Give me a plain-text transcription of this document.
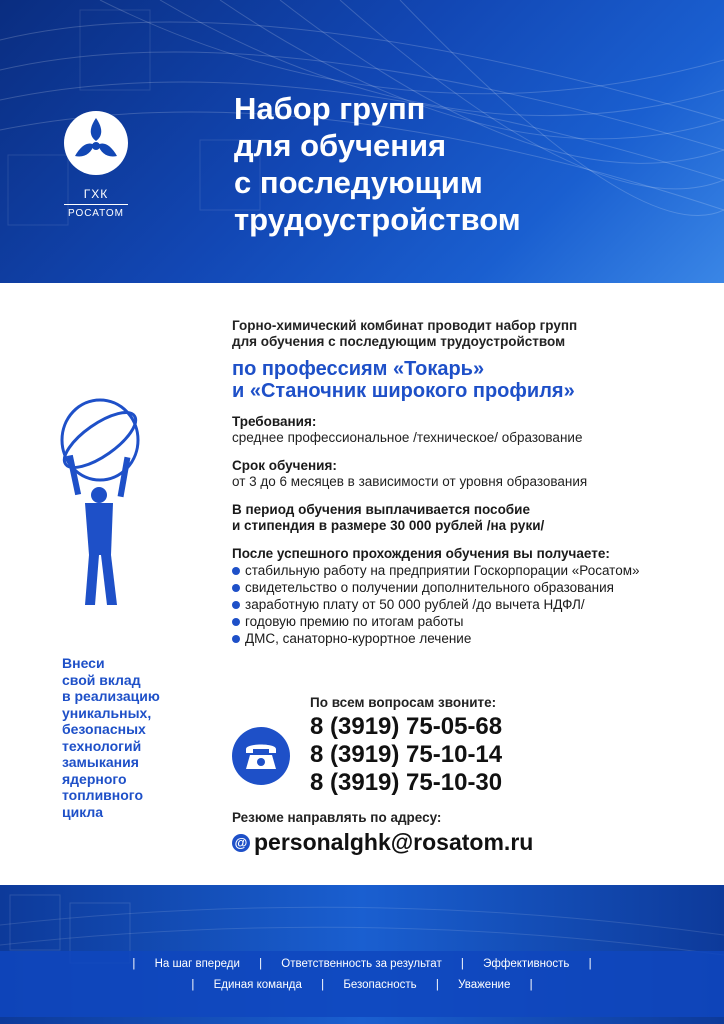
ГХК
РОСАТОМ
Набор групп
для обучения
с последующим
трудоустройством
Внеси
свой вклад
в реализацию
уникальных,
безопасных
технологий
замыкания
ядерного
топливного
цикла
Горно-химический комбинат проводит набор групп
для обучения с последующим трудоустройством
по профессиям «Токарь»
и «Станочник широкого профиля»
Требования:
среднее профессиональное /техническое/ образование
Срок обучения:
от 3 до 6 месяцев в зависимости от уровня образования
В период обучения выплачивается пособие
и стипендия в размере 30 000 рублей /на руки/
После успешного прохождения обучения вы получаете:
стабильную работу на предприятии Госкорпорации «Росатом»
свидетельство о получении дополнительного образования
заработную плату от 50 000 рублей /до вычета НДФЛ/
годовую премию по итогам работы
ДМС, санаторно-курортное лечение
По всем вопросам звоните:
8 (3919) 75-05-68
8 (3919) 75-10-14
8 (3919) 75-10-30
Резюме направлять по адресу:
@ personalghk@rosatom.ru
| На шаг впереди | Ответственность за результат | Эффективность |
| Единая команда | Безопасность | Уважение |
